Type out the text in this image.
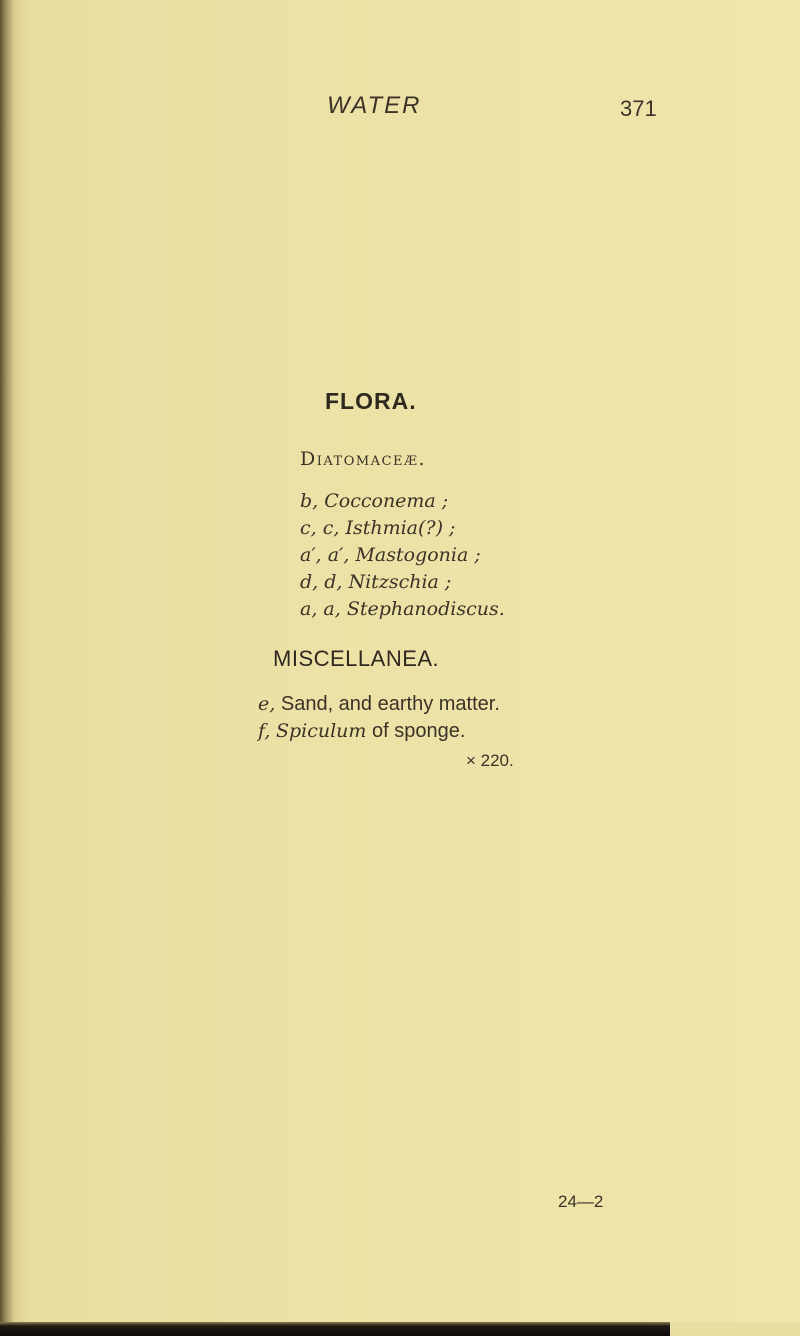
WATER	371
FLORA.
Diatomaceæ.
b, Cocconema ;
c, c, Isthmia(?) ;
a′, a′, Mastogonia ;
d, d, Nitzschia ;
a, a, Stephanodiscus.
MISCELLANEA.
e, Sand, and earthy matter.
f, Spiculum of sponge.
× 220.
24—2
